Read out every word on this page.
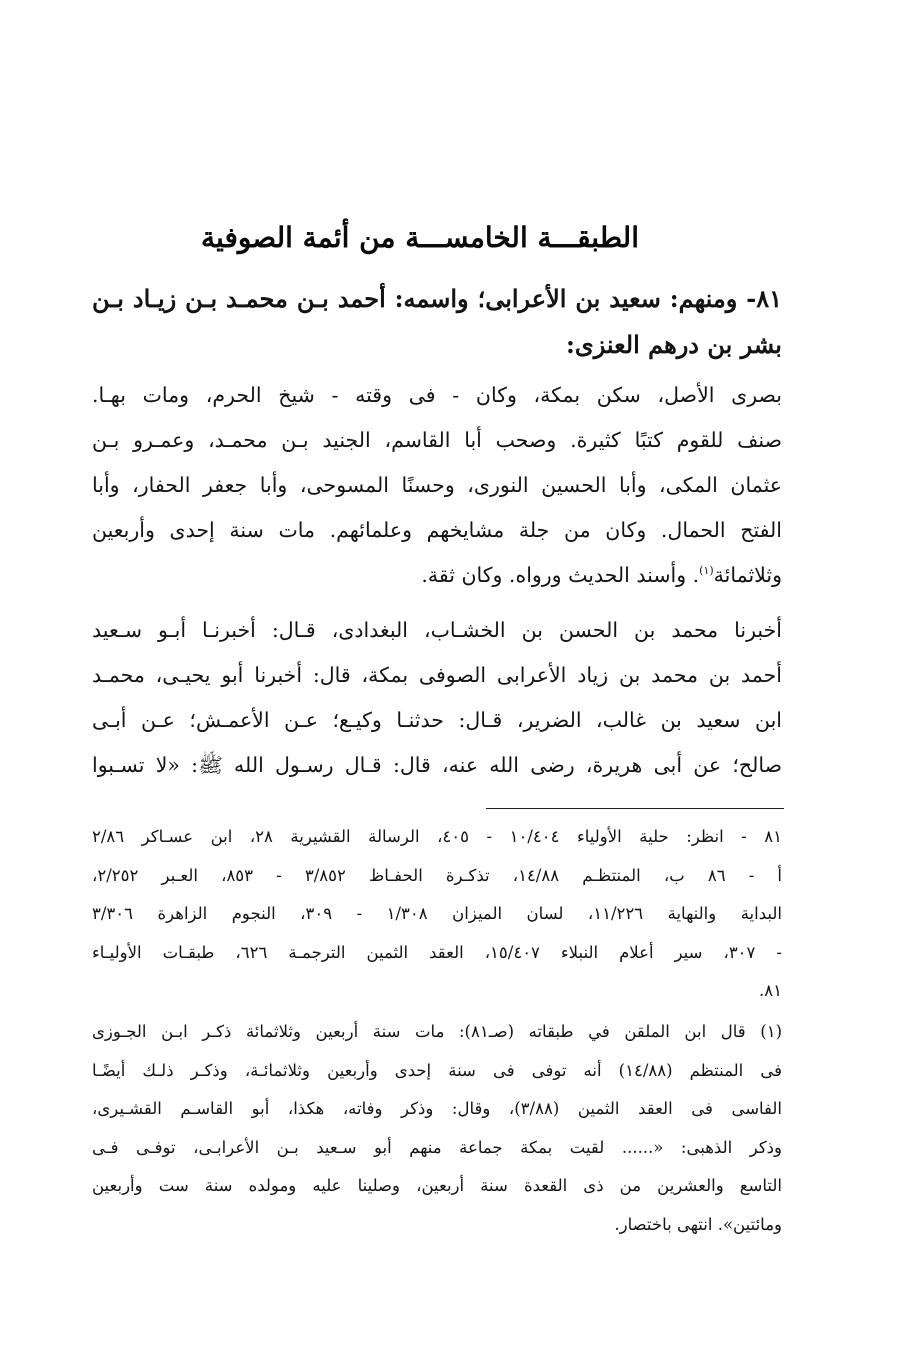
الطبقـــة الخامســـة من أئمة الصوفية
٨١- ومنهم: سعيد بن الأعرابى؛ واسمه: أحمد بـن محمـد بـن زيـاد بـن
بشر بن درهم العنزى:
بصرى الأصل، سكن بمكة، وكان - فى وقته - شيخ الحرم، ومات بهـا.
صنف للقوم كتبًا كثيرة. وصحب أبا القاسم، الجنيد بـن محمـد، وعمـرو بـن
عثمان المكى، وأبا الحسين النورى، وحسنًا المسوحى، وأبا جعفر الحفار، وأبا
الفتح الحمال. وكان من جلة مشايخهم وعلمائهم. مات سنة إحدى وأربعين
وثلاثمائة$^{(١)}$. وأسند الحديث ورواه. وكان ثقة.
أخبرنا محمد بن الحسن بن الخشـاب، البغدادى، قـال: أخبرنـا أبـو سـعيد
أحمد بن محمد بن زياد الأعرابى الصوفى بمكة، قال: أخبرنا أبو يحيـى، محمـد
ابن سعيد بن غالب، الضرير، قـال: حدثنـا وكيـع؛ عـن الأعمـش؛ عـن أبـى
صالح؛ عن أبى هريرة، رضى الله عنه، قال: قـال رسـول الله ﷺ: «لا تسـبوا
٨١ - انظر: حلية الأولياء ١٠/٤٠٤ - ٤٠٥، الرسالة القشيرية ٢٨، ابن عسـاكر ٢/٨٦
أ - ٨٦ ب، المنتظـم ١٤/٨٨، تذكـرة الحفـاظ ٣/٨٥٢ - ٨٥٣، العـبر ٢/٢٥٢،
البداية والنهاية ١١/٢٢٦، لسان الميزان ١/٣٠٨ - ٣٠٩، النجوم الزاهرة ٣/٣٠٦
- ٣٠٧، سير أعلام النبلاء ١٥/٤٠٧، العقد الثمين الترجمـة ٦٢٦، طبقـات الأوليـاء
٨١.
(١) قال ابن الملقن في طبقاته (صـ٨١): مات سنة أربعين وثلاثمائة ذكـر ابـن الجـوزى
فى المنتظم (١٤/٨٨) أنه توفى فى سنة إحدى وأربعين وثلاثمائـة، وذكـر ذلـك أيضًـا
الفاسى فى العقد الثمين (٣/٨٨)، وقال: وذكر وفاته، هكذا، أبو القاسـم القشـيرى،
وذكر الذهبى: «...... لقيت بمكة جماعة منهم أبو سـعيد بـن الأعرابـى، توفـى فـى
التاسع والعشرين من ذى القعدة سنة أربعين، وصلينا عليه ومولده سنة ست وأربعين
ومائتين». انتهى باختصار.
